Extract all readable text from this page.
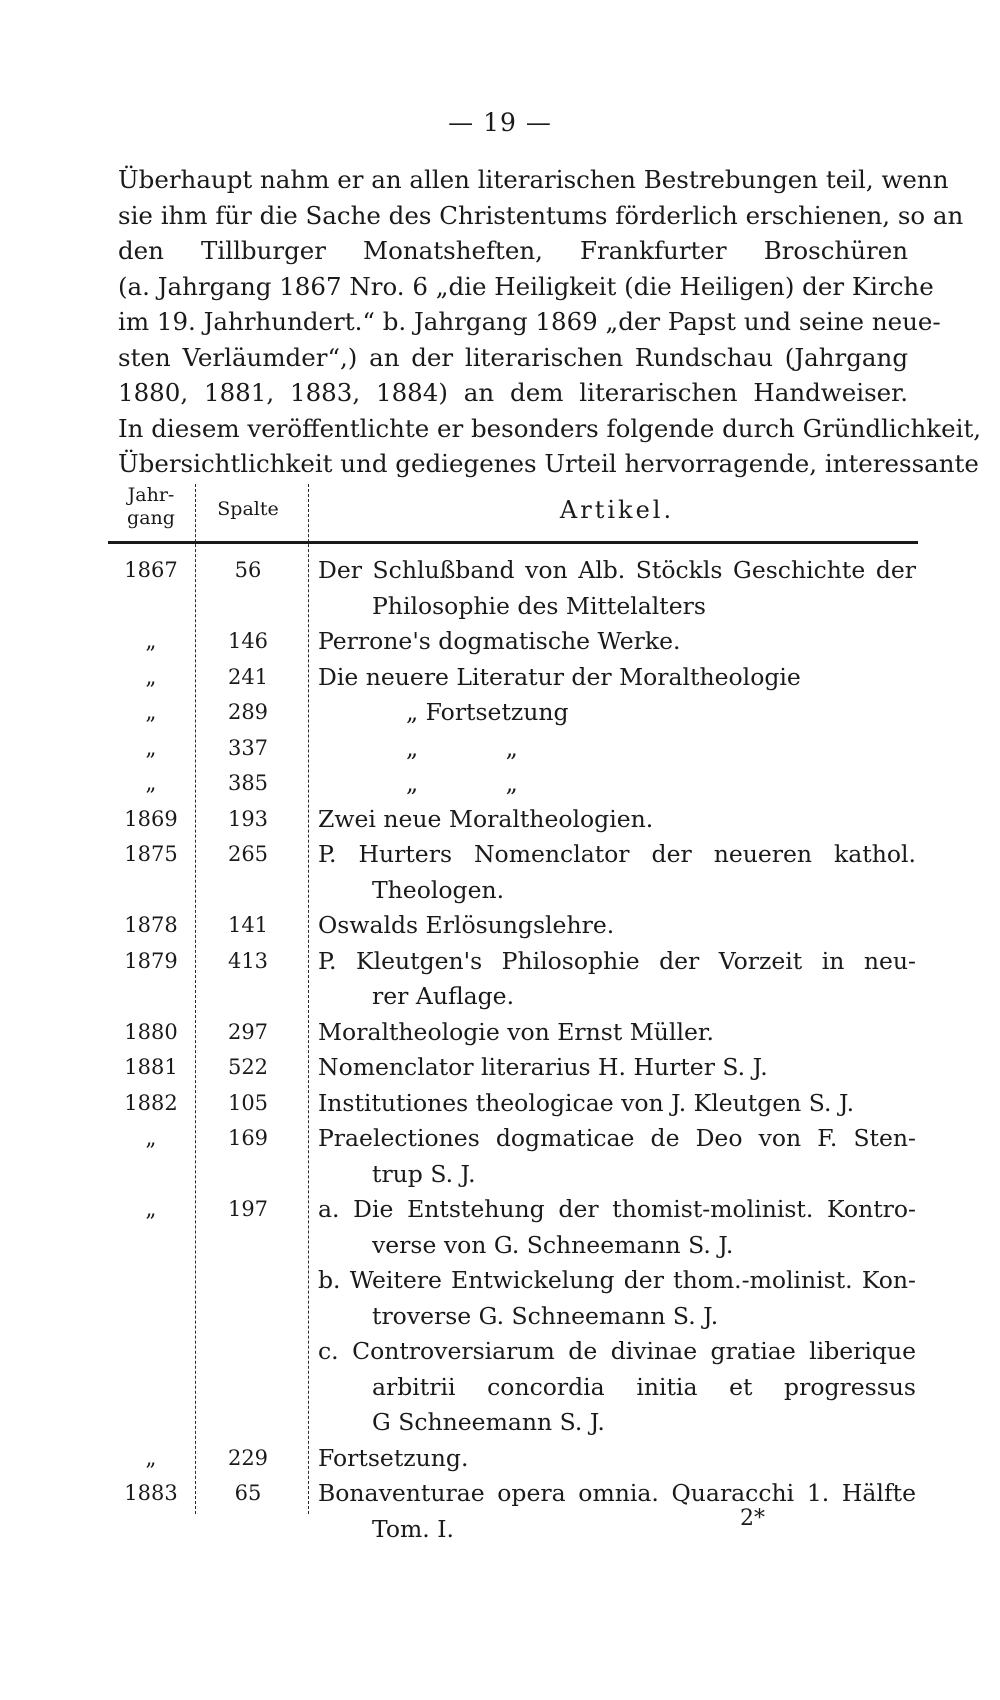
— 19 —
Überhaupt nahm er an allen literarischen Bestrebungen teil, wenn
sie ihm für die Sache des Christentums förderlich erschienen, so an
den Tillburger Monatsheften, Frankfurter Broschüren
(a. Jahrgang 1867 Nro. 6 „die Heiligkeit (die Heiligen) der Kirche
im 19. Jahrhundert.“ b. Jahrgang 1869 „der Papst und seine neue-
sten Verläumder“,) an der literarischen Rundschau (Jahrgang
1880, 1881, 1883, 1884) an dem literarischen Handweiser.
In diesem veröffentlichte er besonders folgende durch Gründlichkeit,
Übersichtlichkeit und gediegenes Urteil hervorragende, interessante
Jahr-
gang	Spalte	Artikel.
1867	56	Der Schlußband von Alb. Stöckls Geschichte der
Philosophie des Mittelalters
„	146	Perrone's dogmatische Werke.
„	241	Die neuere Literatur der Moraltheologie
„	289	„ Fortsetzung
„	337	„ „
„	385	„ „
1869	193	Zwei neue Moraltheologien.
1875	265	P. Hurters Nomenclator der neueren kathol.
Theologen.
1878	141	Oswalds Erlösungslehre.
1879	413	P. Kleutgen's Philosophie der Vorzeit in neu-
rer Auflage.
1880	297	Moraltheologie von Ernst Müller.
1881	522	Nomenclator literarius H. Hurter S. J.
1882	105	Institutiones theologicae von J. Kleutgen S. J.
„	169	Praelectiones dogmaticae de Deo von F. Sten-
trup S. J.
„	197	a. Die Entstehung der thomist-molinist. Kontro-
verse von G. Schneemann S. J.
b. Weitere Entwickelung der thom.-molinist. Kon-
troverse G. Schneemann S. J.
c. Controversiarum de divinae gratiae liberique
arbitrii concordia initia et progressus
G Schneemann S. J.
„	229	Fortsetzung.
1883	65	Bonaventurae opera omnia. Quaracchi 1. Hälfte
Tom. I.	2*
